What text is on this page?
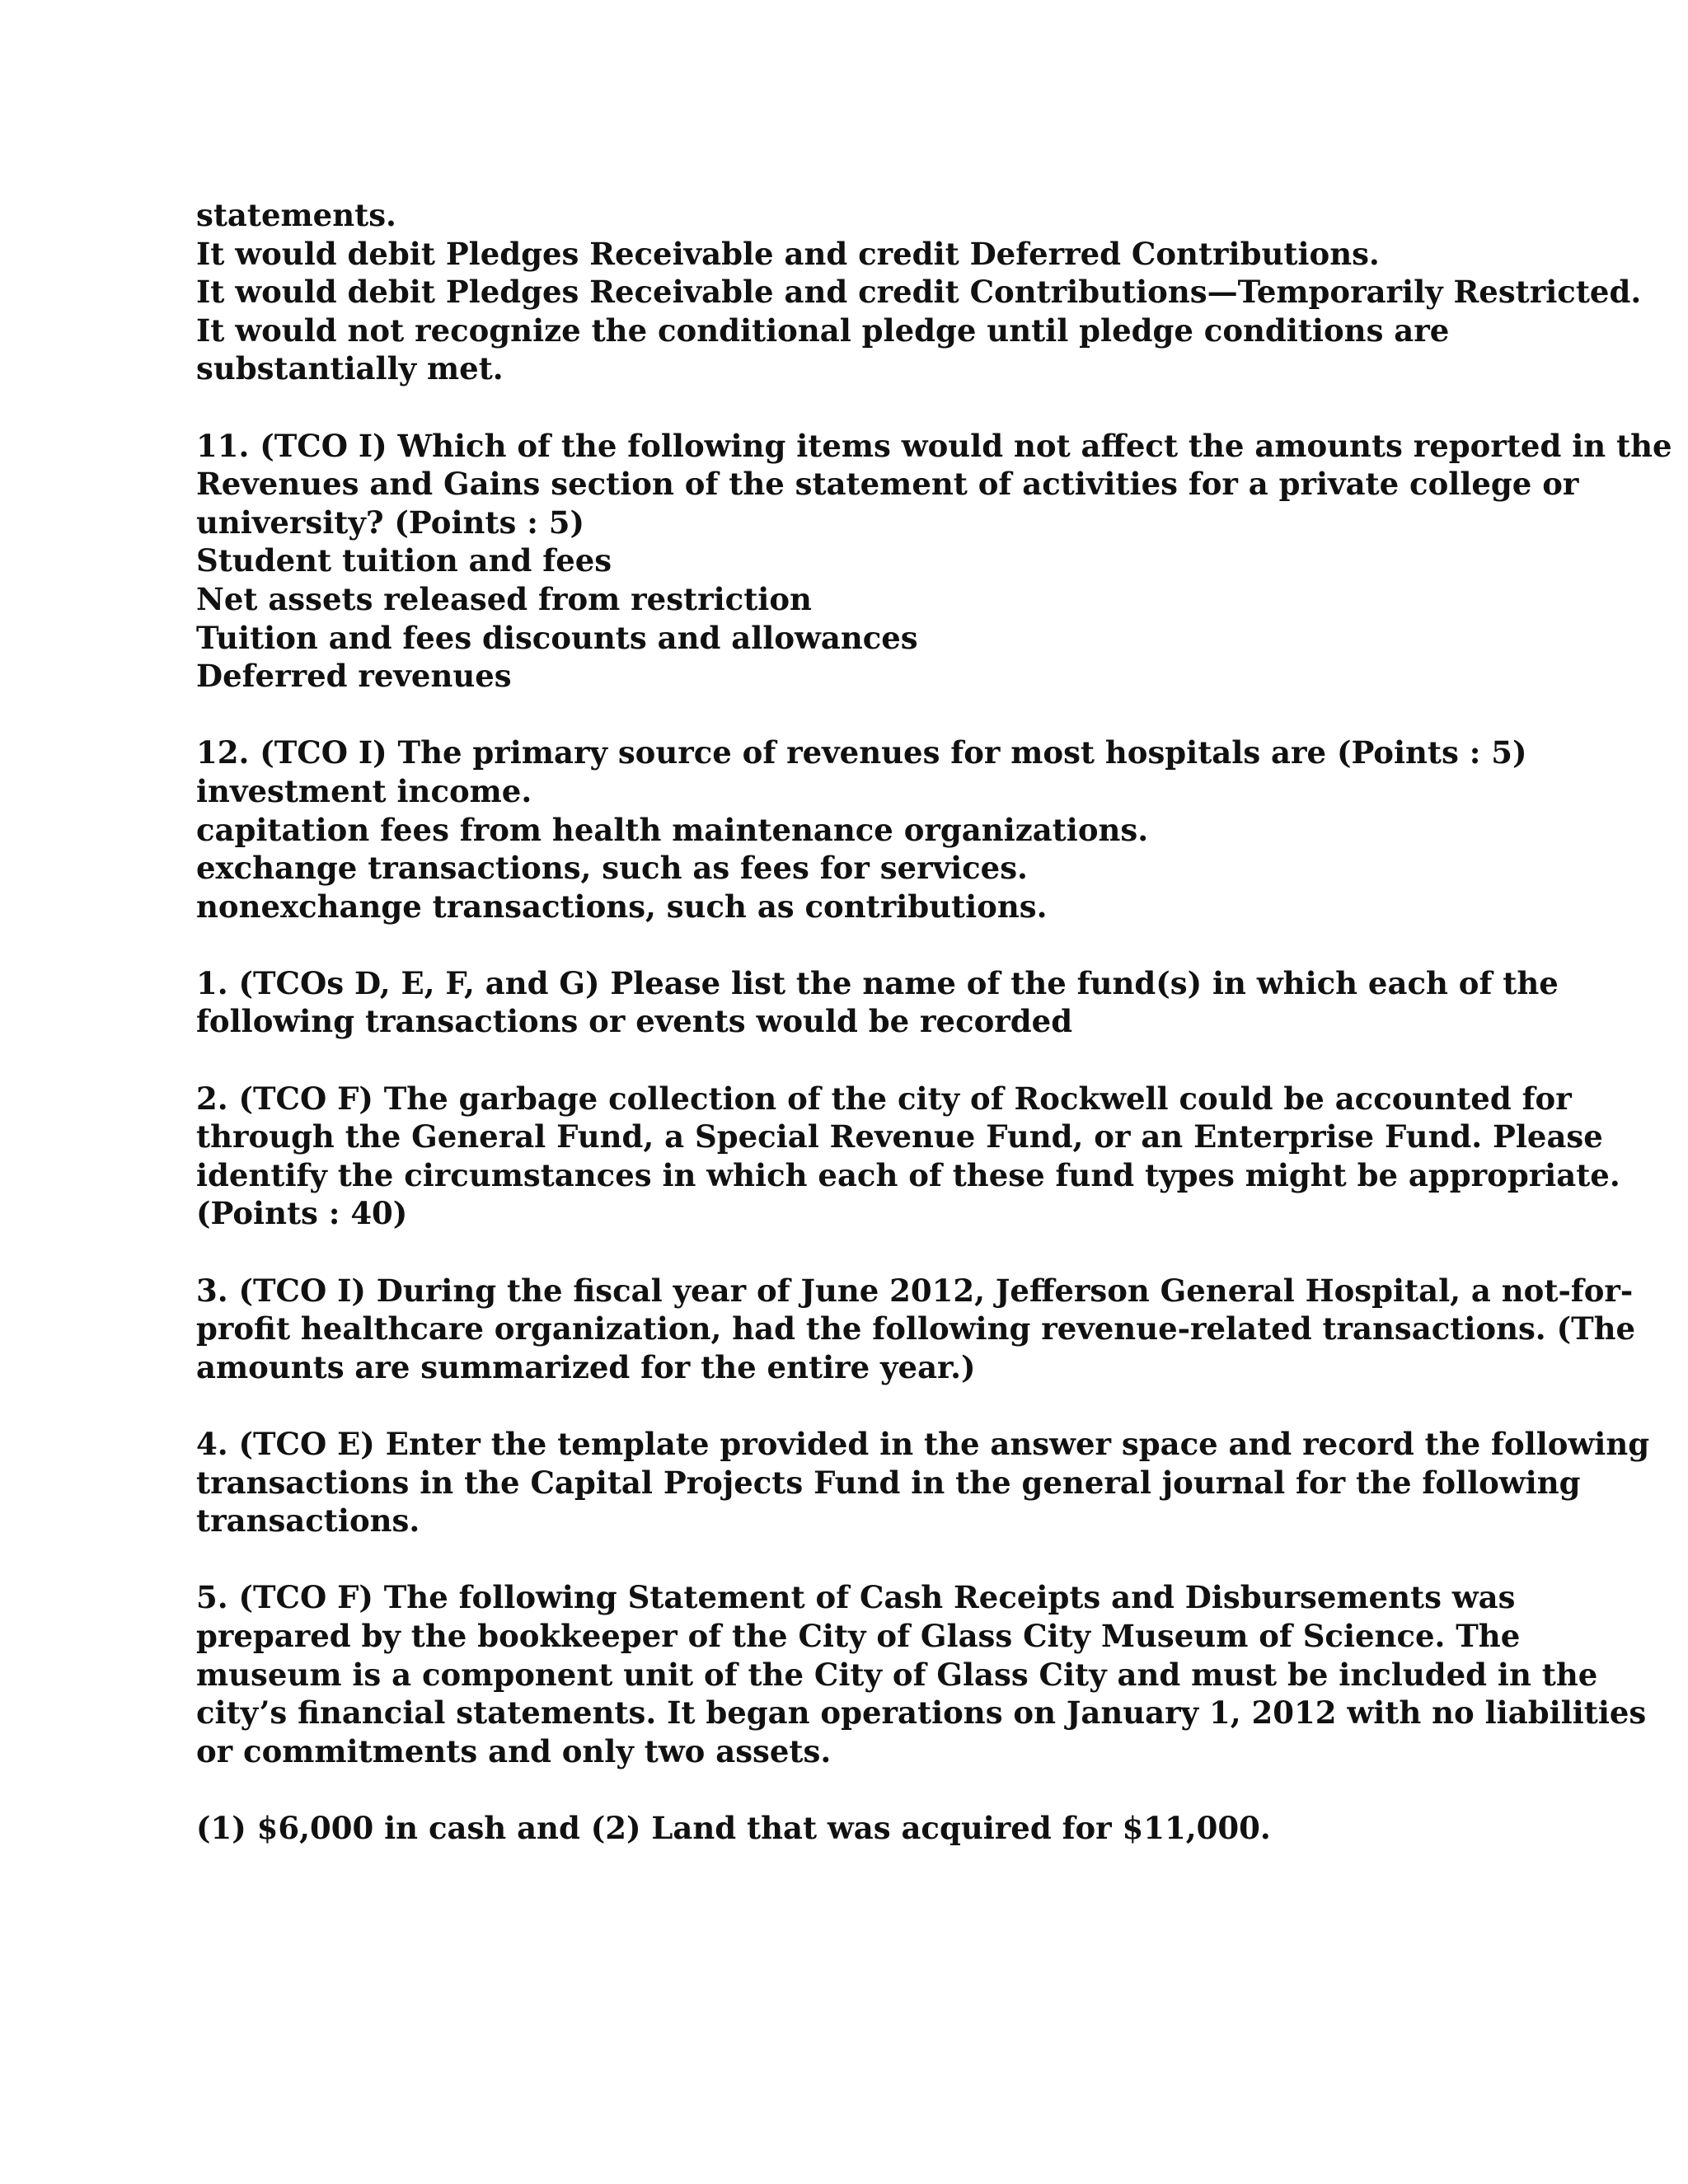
statements.
It would debit Pledges Receivable and credit Deferred Contributions.
It would debit Pledges Receivable and credit Contributions—Temporarily Restricted.
It would not recognize the conditional pledge until pledge conditions are
substantially met.
11. (TCO I) Which of the following items would not affect the amounts reported in the
Revenues and Gains section of the statement of activities for a private college or
university? (Points : 5)
Student tuition and fees
Net assets released from restriction
Tuition and fees discounts and allowances
Deferred revenues
12. (TCO I) The primary source of revenues for most hospitals are (Points : 5)
investment income.
capitation fees from health maintenance organizations.
exchange transactions, such as fees for services.
nonexchange transactions, such as contributions.
1. (TCOs D, E, F, and G) Please list the name of the fund(s) in which each of the
following transactions or events would be recorded
2. (TCO F) The garbage collection of the city of Rockwell could be accounted for
through the General Fund, a Special Revenue Fund, or an Enterprise Fund. Please
identify the circumstances in which each of these fund types might be appropriate.
(Points : 40)
3. (TCO I) During the fiscal year of June 2012, Jefferson General Hospital, a not-for-
profit healthcare organization, had the following revenue-related transactions. (The
amounts are summarized for the entire year.)
4. (TCO E) Enter the template provided in the answer space and record the following
transactions in the Capital Projects Fund in the general journal for the following
transactions.
5. (TCO F) The following Statement of Cash Receipts and Disbursements was
prepared by the bookkeeper of the City of Glass City Museum of Science. The
museum is a component unit of the City of Glass City and must be included in the
city’s financial statements. It began operations on January 1, 2012 with no liabilities
or commitments and only two assets.
(1) $6,000 in cash and (2) Land that was acquired for $11,000.
